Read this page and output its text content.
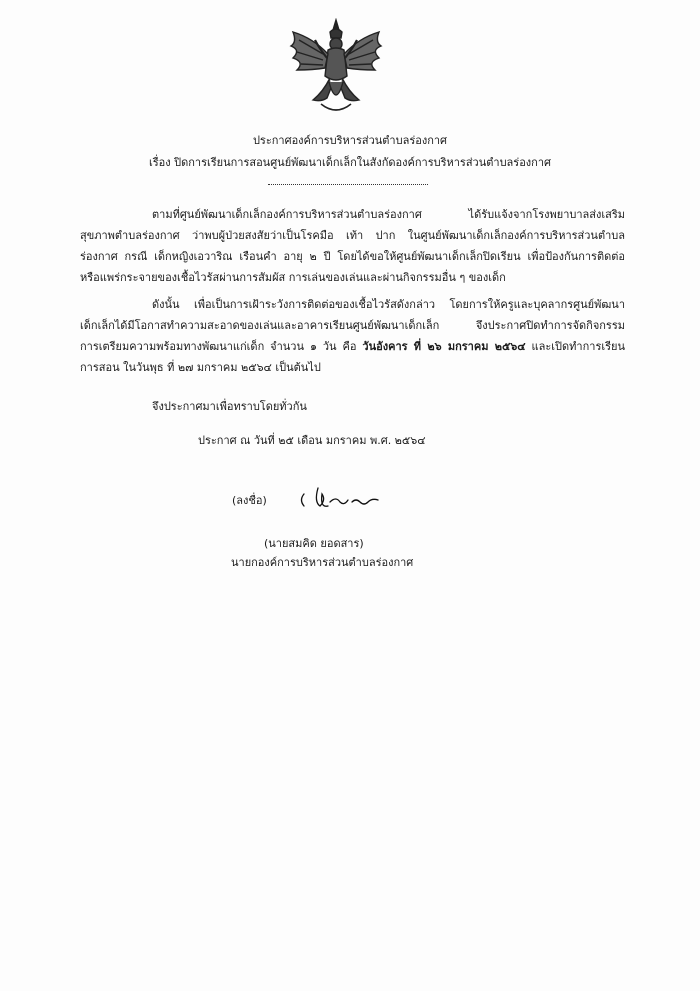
ประกาศองค์การบริหารส่วนตำบลร่องกาศ
เรื่อง ปิดการเรียนการสอนศูนย์พัฒนาเด็กเล็กในสังกัดองค์การบริหารส่วนตำบลร่องกาศ
ตามที่ศูนย์พัฒนาเด็กเล็กองค์การบริหารส่วนตำบลร่องกาศ ได้รับแจ้งจากโรงพยาบาลส่งเสริม
สุขภาพตำบลร่องกาศ ว่าพบผู้ป่วยสงสัยว่าเป็นโรคมือ เท้า ปาก ในศูนย์พัฒนาเด็กเล็กองค์การบริหารส่วนตำบล
ร่องกาศ กรณี เด็กหญิงเอวาริณ เรือนคำ อายุ ๒ ปี โดยได้ขอให้ศูนย์พัฒนาเด็กเล็กปิดเรียน เพื่อป้องกันการติดต่อ
หรือแพร่กระจายของเชื้อไวรัสผ่านการสัมผัส การเล่นของเล่นและผ่านกิจกรรมอื่น ๆ ของเด็ก
ดังนั้น เพื่อเป็นการเฝ้าระวังการติดต่อของเชื้อไวรัสดังกล่าว โดยการให้ครูและบุคลากรศูนย์พัฒนา
เด็กเล็กได้มีโอกาสทำความสะอาดของเล่นและอาคารเรียนศูนย์พัฒนาเด็กเล็ก จึงประกาศปิดทำการจัดกิจกรรม
การเตรียมความพร้อมทางพัฒนาแก่เด็ก จำนวน ๑ วัน คือ วันอังคาร ที่ ๒๖ มกราคม ๒๕๖๔ และเปิดทำการเรียน
การสอน ในวันพุธ ที่ ๒๗ มกราคม ๒๕๖๔ เป็นต้นไป
จึงประกาศมาเพื่อทราบโดยทั่วกัน
ประกาศ ณ วันที่ ๒๕ เดือน มกราคม พ.ศ. ๒๕๖๔
(ลงชื่อ)
(นายสมคิด ยอดสาร)
นายกองค์การบริหารส่วนตำบลร่องกาศ
